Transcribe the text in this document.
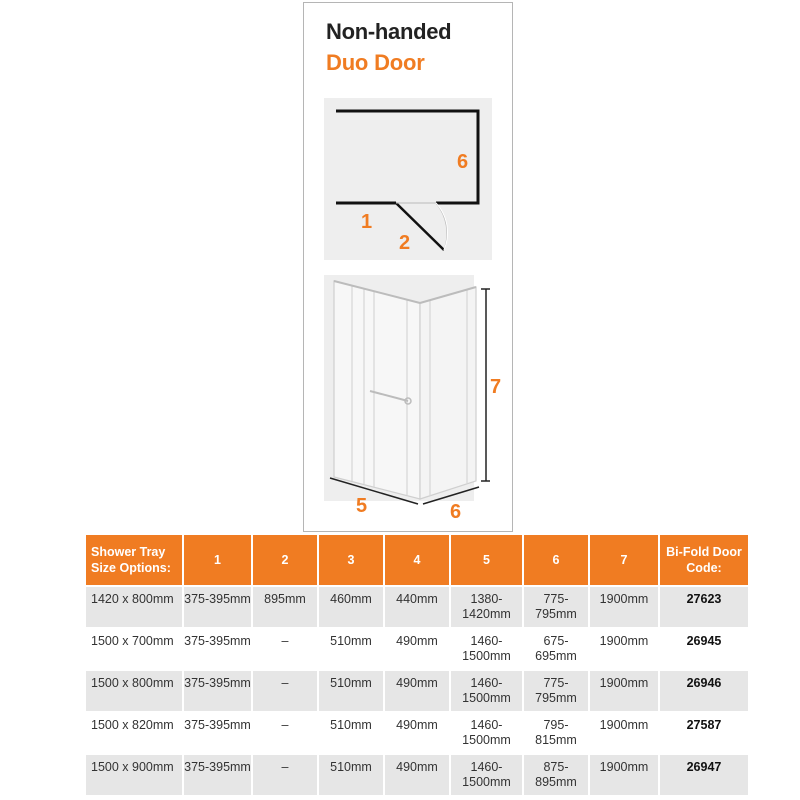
Non-handed
Duo Door
6
1
2
7
5	6
Shower Tray Size Options:	1	2	3	4	5	6	7	Bi-Fold Door Code:
1420 x 800mm	375-395mm	895mm	460mm	440mm	1380-1420mm	775-795mm	1900mm	27623
1500 x 700mm	375-395mm	–	510mm	490mm	1460-1500mm	675-695mm	1900mm	26945
1500 x 800mm	375-395mm	–	510mm	490mm	1460-1500mm	775-795mm	1900mm	26946
1500 x 820mm	375-395mm	–	510mm	490mm	1460-1500mm	795-815mm	1900mm	27587
1500 x 900mm	375-395mm	–	510mm	490mm	1460-1500mm	875-895mm	1900mm	26947
